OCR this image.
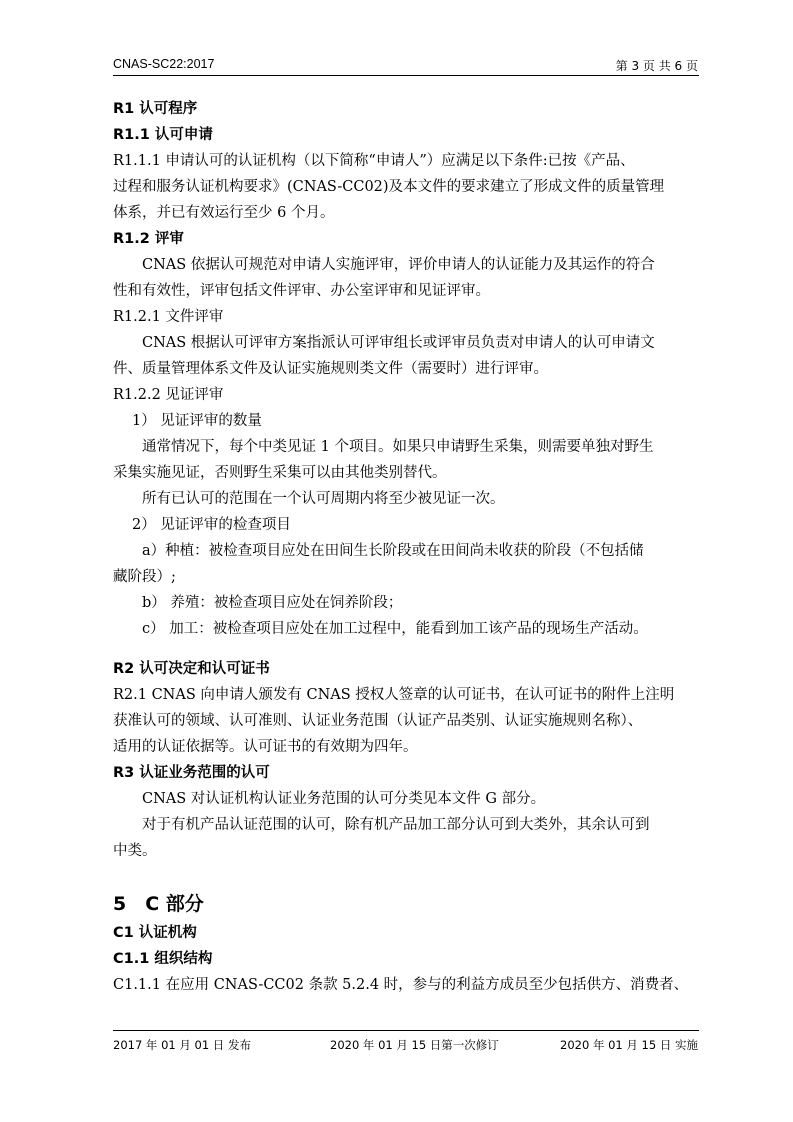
CNAS-SC22:2017	第 3 页 共 6 页
R1 认可程序
R1.1 认可申请
R1.1.1 申请认可的认证机构（以下简称“申请人”）应满足以下条件:已按《产品、
过程和服务认证机构要求》(CNAS-CC02)及本文件的要求建立了形成文件的质量管理
体系，并已有效运行至少 6 个月。
R1.2 评审
CNAS 依据认可规范对申请人实施评审，评价申请人的认证能力及其运作的符合
性和有效性，评审包括文件评审、办公室评审和见证评审。
R1.2.1 文件评审
CNAS 根据认可评审方案指派认可评审组长或评审员负责对申请人的认可申请文
件、质量管理体系文件及认证实施规则类文件（需要时）进行评审。
R1.2.2 见证评审
1） 见证评审的数量
通常情况下，每个中类见证 1 个项目。如果只申请野生采集，则需要单独对野生
采集实施见证，否则野生采集可以由其他类别替代。
所有已认可的范围在一个认可周期内将至少被见证一次。
2） 见证评审的检查项目
a）种植：被检查项目应处在田间生长阶段或在田间尚未收获的阶段（不包括储
藏阶段）;
b） 养殖：被检查项目应处在饲养阶段；
c） 加工：被检查项目应处在加工过程中，能看到加工该产品的现场生产活动。
R2 认可决定和认可证书
R2.1 CNAS 向申请人颁发有 CNAS 授权人签章的认可证书，在认可证书的附件上注明
获准认可的领域、认可准则、认证业务范围（认证产品类别、认证实施规则名称）、
适用的认证依据等。认可证书的有效期为四年。
R3 认证业务范围的认可
CNAS 对认证机构认证业务范围的认可分类见本文件 G 部分。
对于有机产品认证范围的认可，除有机产品加工部分认可到大类外，其余认可到
中类。
5　C 部分
C1 认证机构
C1.1 组织结构
C1.1.1 在应用 CNAS-CC02 条款 5.2.4 时，参与的利益方成员至少包括供方、消费者、
2017 年 01 月 01 日 发布	2020 年 01 月 15 日第一次修订	2020 年 01 月 15 日 实施
